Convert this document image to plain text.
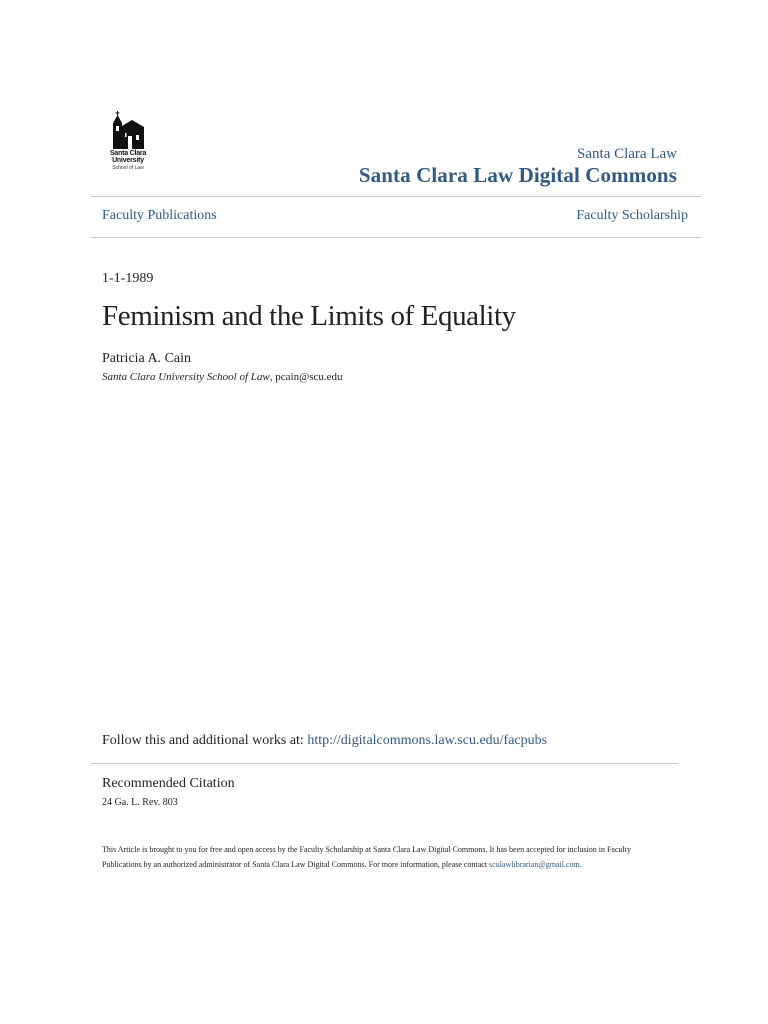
Santa Clara
University
School of Law
Santa Clara Law
Santa Clara Law Digital Commons
Faculty Publications	Faculty Scholarship
1-1-1989
Feminism and the Limits of Equality
Patricia A. Cain
Santa Clara University School of Law, pcain@scu.edu
Follow this and additional works at: http://digitalcommons.law.scu.edu/facpubs
Recommended Citation
24 Ga. L. Rev. 803
This Article is brought to you for free and open access by the Faculty Scholarship at Santa Clara Law Digital Commons. It has been accepted for inclusion in Faculty Publications by an authorized administrator of Santa Clara Law Digital Commons. For more information, please contact sculawlibrarian@gmail.com.
